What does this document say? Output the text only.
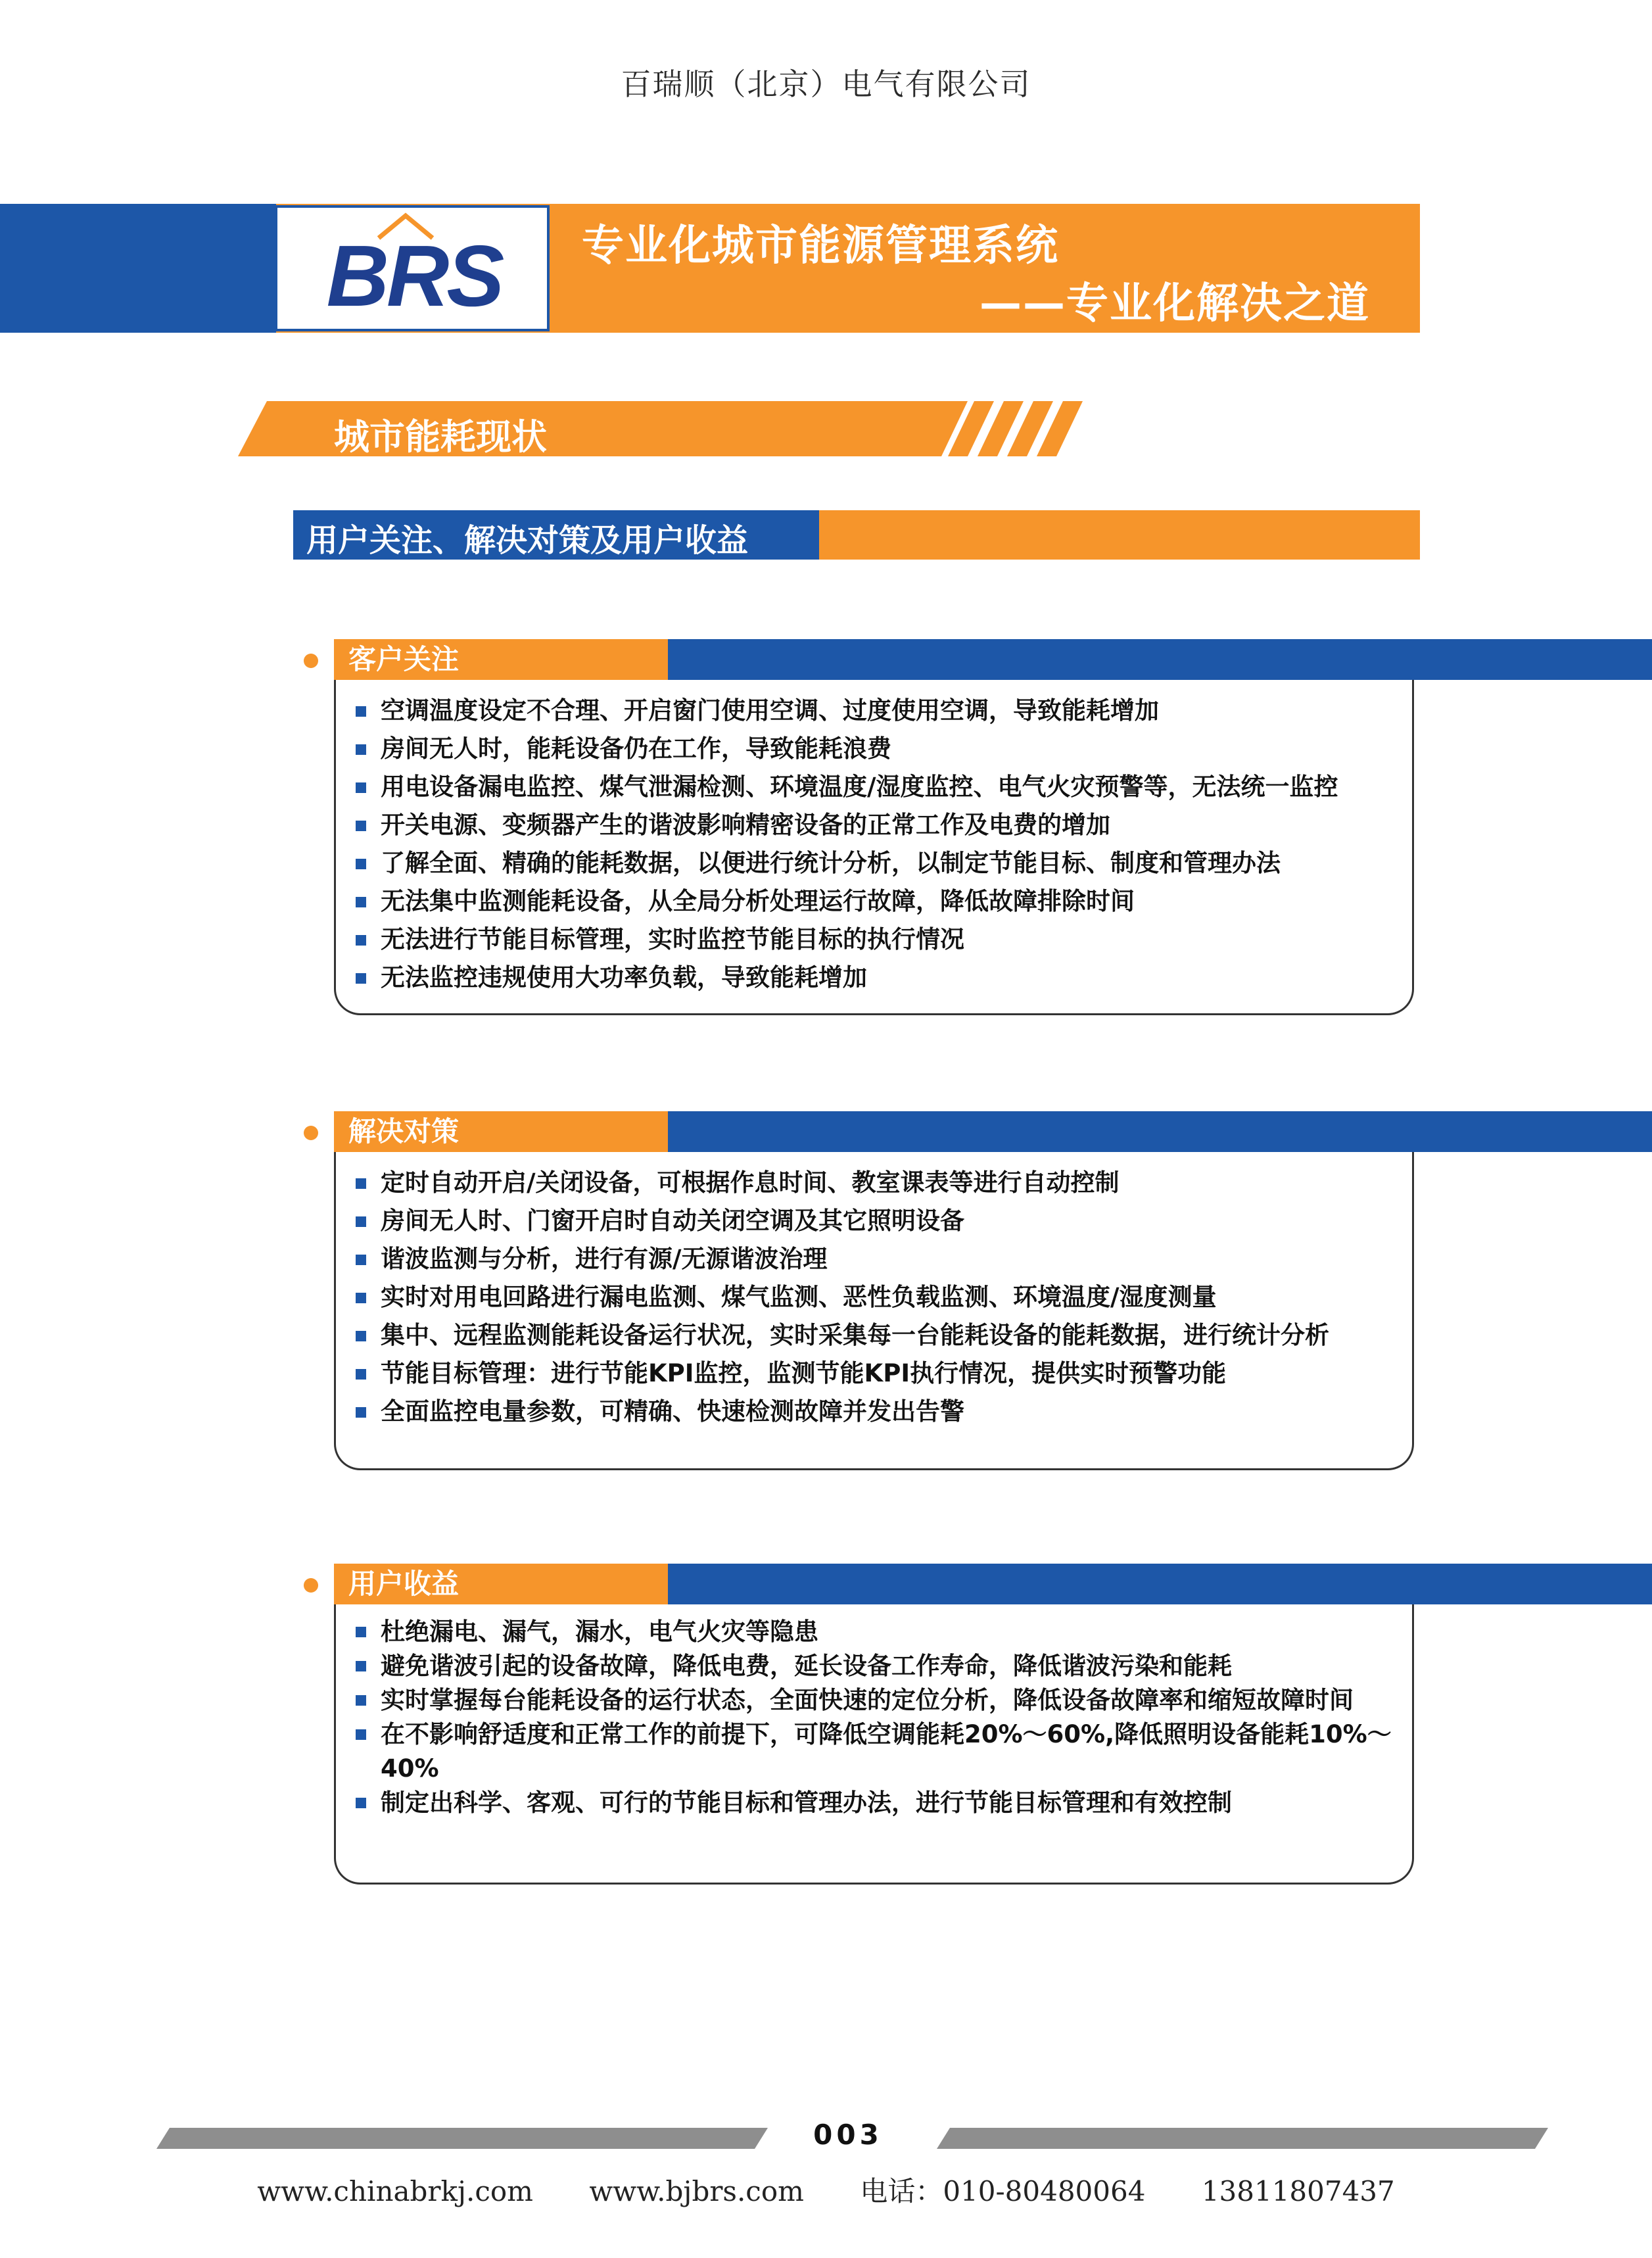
百瑞顺（北京）电气有限公司
BRS	专业化城市能源管理系统
——专业化解决之道
城市能耗现状
用户关注、解决对策及用户收益
客户关注
空调温度设定不合理、开启窗门使用空调、过度使用空调，导致能耗增加
房间无人时，能耗设备仍在工作，导致能耗浪费
用电设备漏电监控、煤气泄漏检测、环境温度/湿度监控、电气火灾预警等，无法统一监控
开关电源、变频器产生的谐波影响精密设备的正常工作及电费的增加
了解全面、精确的能耗数据，以便进行统计分析，以制定节能目标、制度和管理办法
无法集中监测能耗设备，从全局分析处理运行故障，降低故障排除时间
无法进行节能目标管理，实时监控节能目标的执行情况
无法监控违规使用大功率负载，导致能耗增加
解决对策
定时自动开启/关闭设备，可根据作息时间、教室课表等进行自动控制
房间无人时、门窗开启时自动关闭空调及其它照明设备
谐波监测与分析，进行有源/无源谐波治理
实时对用电回路进行漏电监测、煤气监测、恶性负载监测、环境温度/湿度测量
集中、远程监测能耗设备运行状况，实时采集每一台能耗设备的能耗数据，进行统计分析
节能目标管理：进行节能KPI监控，监测节能KPI执行情况，提供实时预警功能
全面监控电量参数，可精确、快速检测故障并发出告警
用户收益
杜绝漏电、漏气，漏水，电气火灾等隐患
避免谐波引起的设备故障，降低电费，延长设备工作寿命，降低谐波污染和能耗
实时掌握每台能耗设备的运行状态，全面快速的定位分析，降低设备故障率和缩短故障时间
在不影响舒适度和正常工作的前提下，可降低空调能耗20%～60%,降低照明设备能耗10%～40%
制定出科学、客观、可行的节能目标和管理办法，进行节能目标管理和有效控制
003
www.chinabrkj.com www.bjbrs.com 电话：010-80480064 13811807437
